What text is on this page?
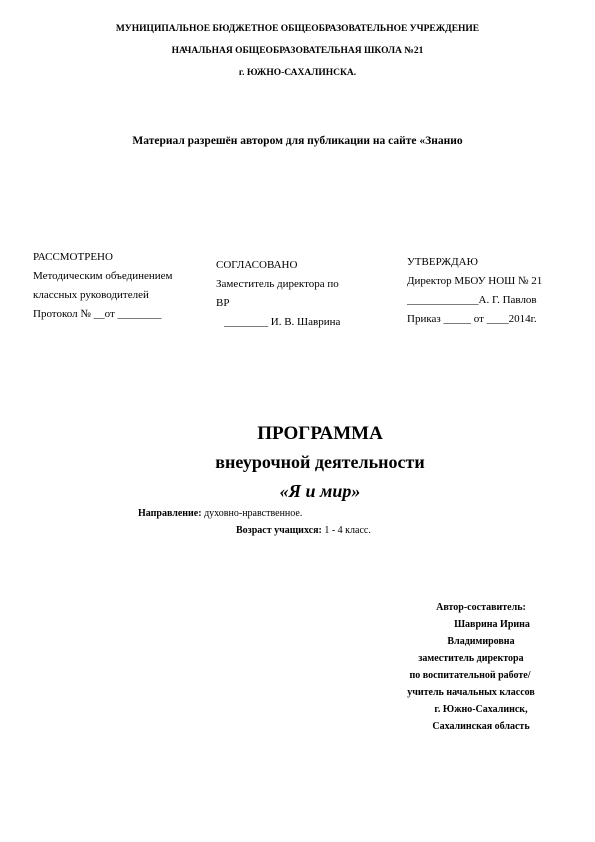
МУНИЦИПАЛЬНОЕ БЮДЖЕТНОЕ ОБЩЕОБРАЗОВАТЕЛЬНОЕ УЧРЕЖДЕНИЕ
НАЧАЛЬНАЯ ОБЩЕОБРАЗОВАТЕЛЬНАЯ ШКОЛА №21
г. ЮЖНО-САХАЛИНСКА.
Материал разрешён автором для публикации на сайте «Знанио
РАССМОТРЕНО
Методическим объединением
классных руководителей
Протокол № __от ________
СОГЛАСОВАНО
Заместитель директора по
ВР
________ И. В. Шаврина
УТВЕРЖДАЮ
Директор МБОУ НОШ № 21
_____________А. Г. Павлов
Приказ _____ от ____2014г.
ПРОГРАММА
внеурочной деятельности
«Я и мир»
Направление: духовно-нравственное.
Возраст учащихся: 1 - 4 класс.
Автор-составитель:
Шаврина Ирина
Владимировна
заместитель директора
по воспитательной работе/
учитель начальных классов
г. Южно-Сахалинск,
Сахалинская область
